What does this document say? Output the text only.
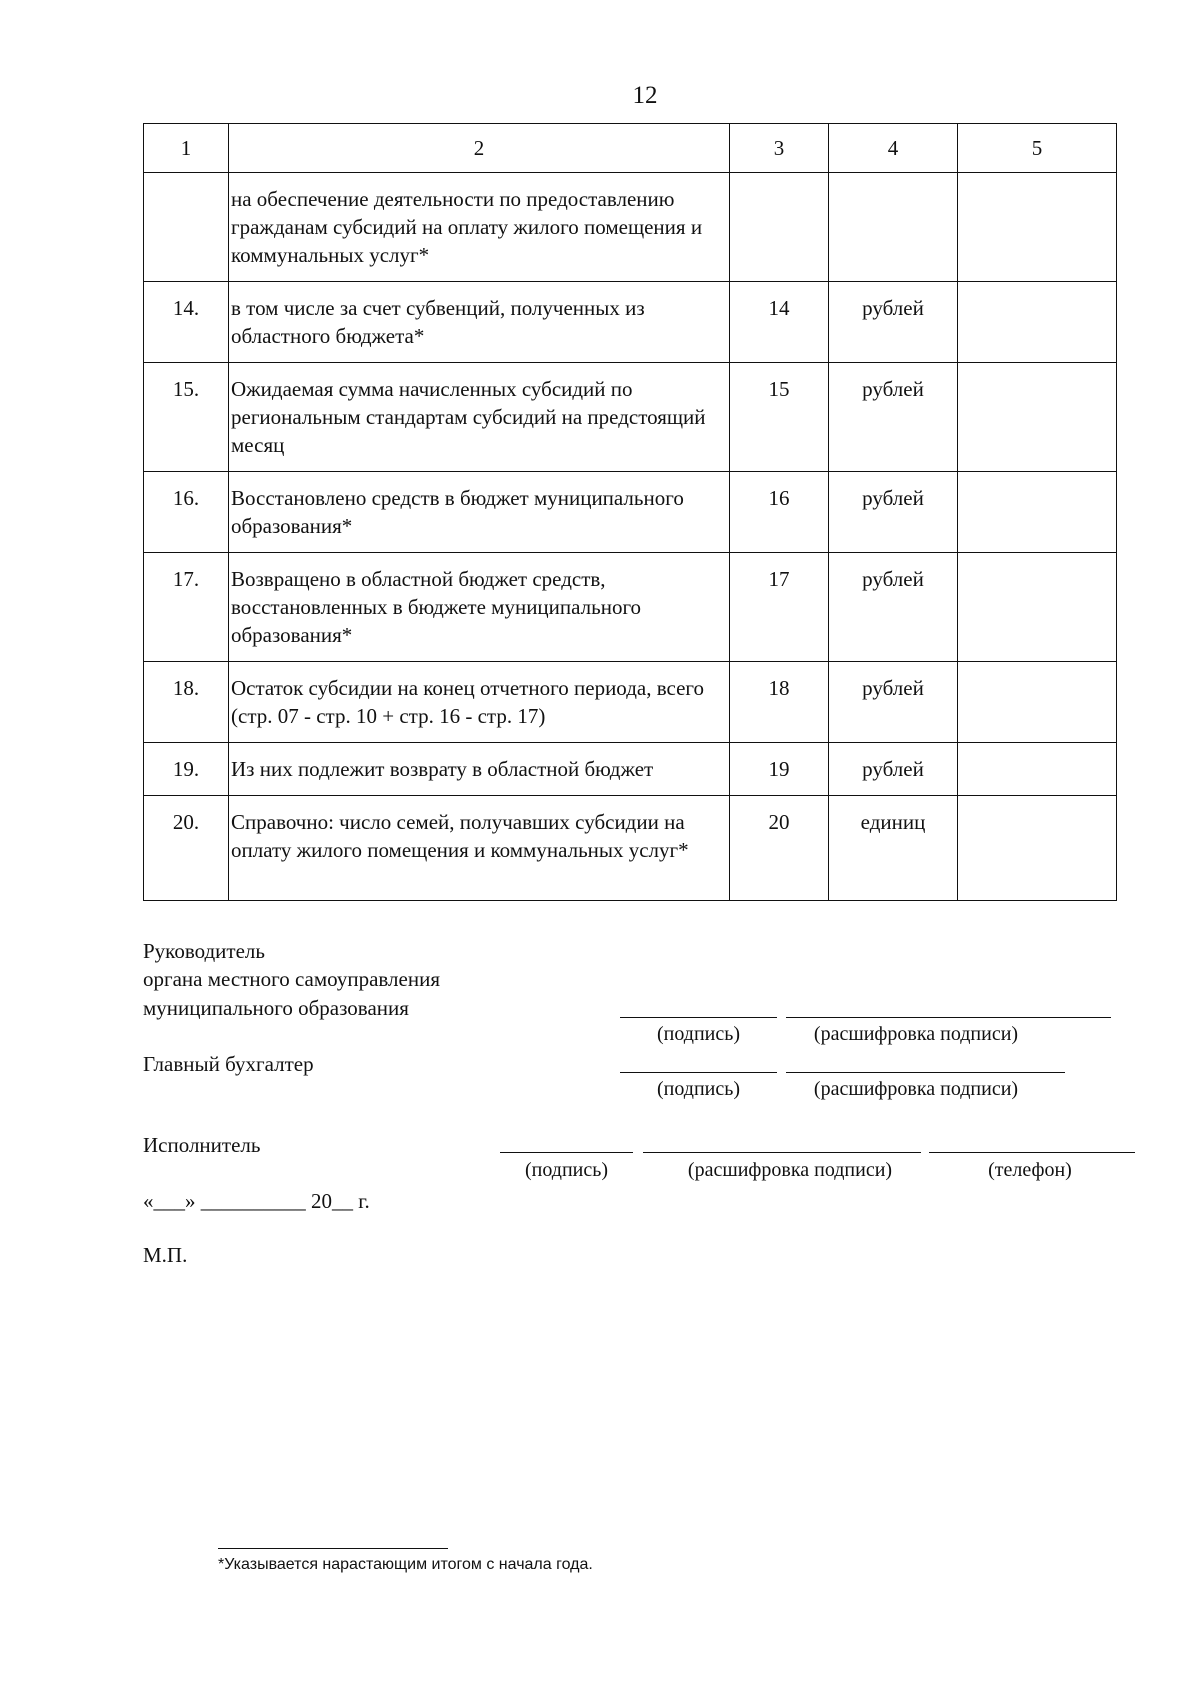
12
1	2	3	4	5
	на обеспечение деятельности по предоставлению гражданам субсидий на оплату жилого помещения и коммунальных услуг*			
14.	в том числе за счет субвенций, полученных из областного бюджета*	14	рублей	
15.	Ожидаемая сумма начисленных субсидий по региональным стандартам субсидий на предстоящий месяц	15	рублей	
16.	Восстановлено средств в бюджет муниципального образования*	16	рублей	
17.	Возвращено в областной бюджет средств, восстановленных в бюджете муниципального образования*	17	рублей	
18.	Остаток субсидии на конец отчетного периода, всего (стр. 07 - стр. 10 + стр. 16 - стр. 17)	18	рублей	
19.	Из них подлежит возврату в областной бюджет	19	рублей	
20.	Справочно: число семей, получавших субсидии на оплату жилого помещения и коммунальных услуг*	20	единиц	
Руководитель
органа местного самоуправления
муниципального образования
(подпись)	(расшифровка подписи)
Главный бухгалтер
(подпись)	(расшифровка подписи)
Исполнитель
(подпись)	(расшифровка подписи)	(телефон)
«___» __________ 20__ г.
М.П.
*Указывается нарастающим итогом с начала года.
